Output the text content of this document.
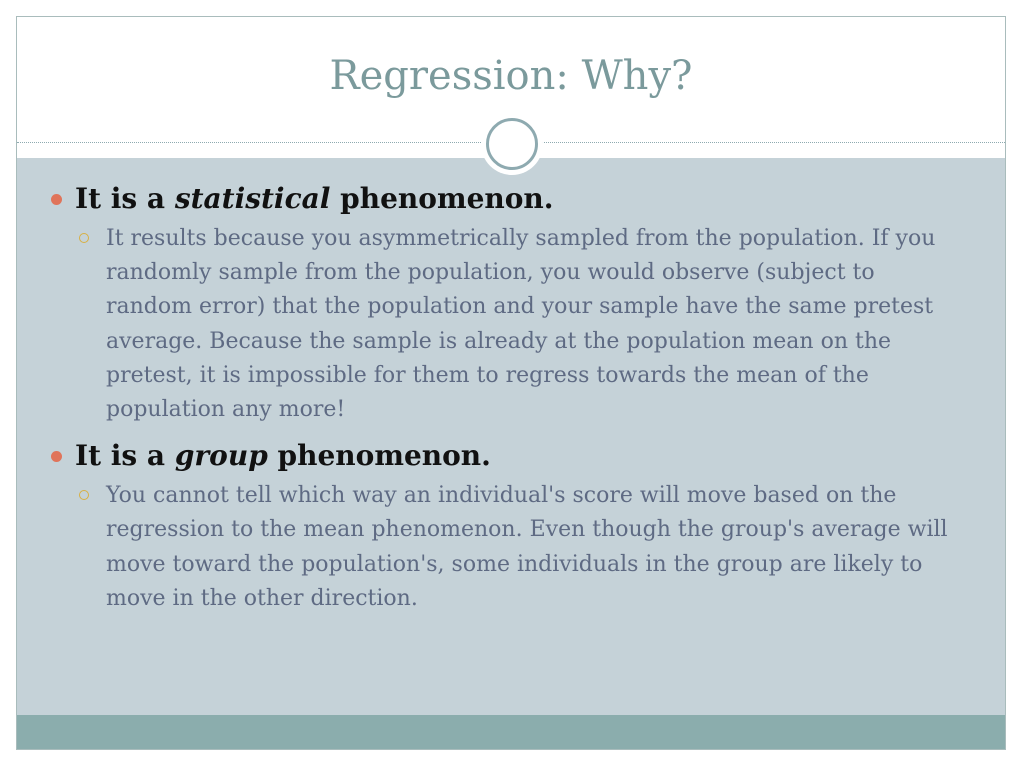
Regression: Why?
It is a statistical phenomenon.
It results because you asymmetrically sampled from the population. If you randomly sample from the population, you would observe (subject to random error) that the population and your sample have the same pretest average. Because the sample is already at the population mean on the pretest, it is impossible for them to regress towards the mean of the population any more!
It is a group phenomenon.
You cannot tell which way an individual's score will move based on the regression to the mean phenomenon. Even though the group's average will move toward the population's, some individuals in the group are likely to move in the other direction.
